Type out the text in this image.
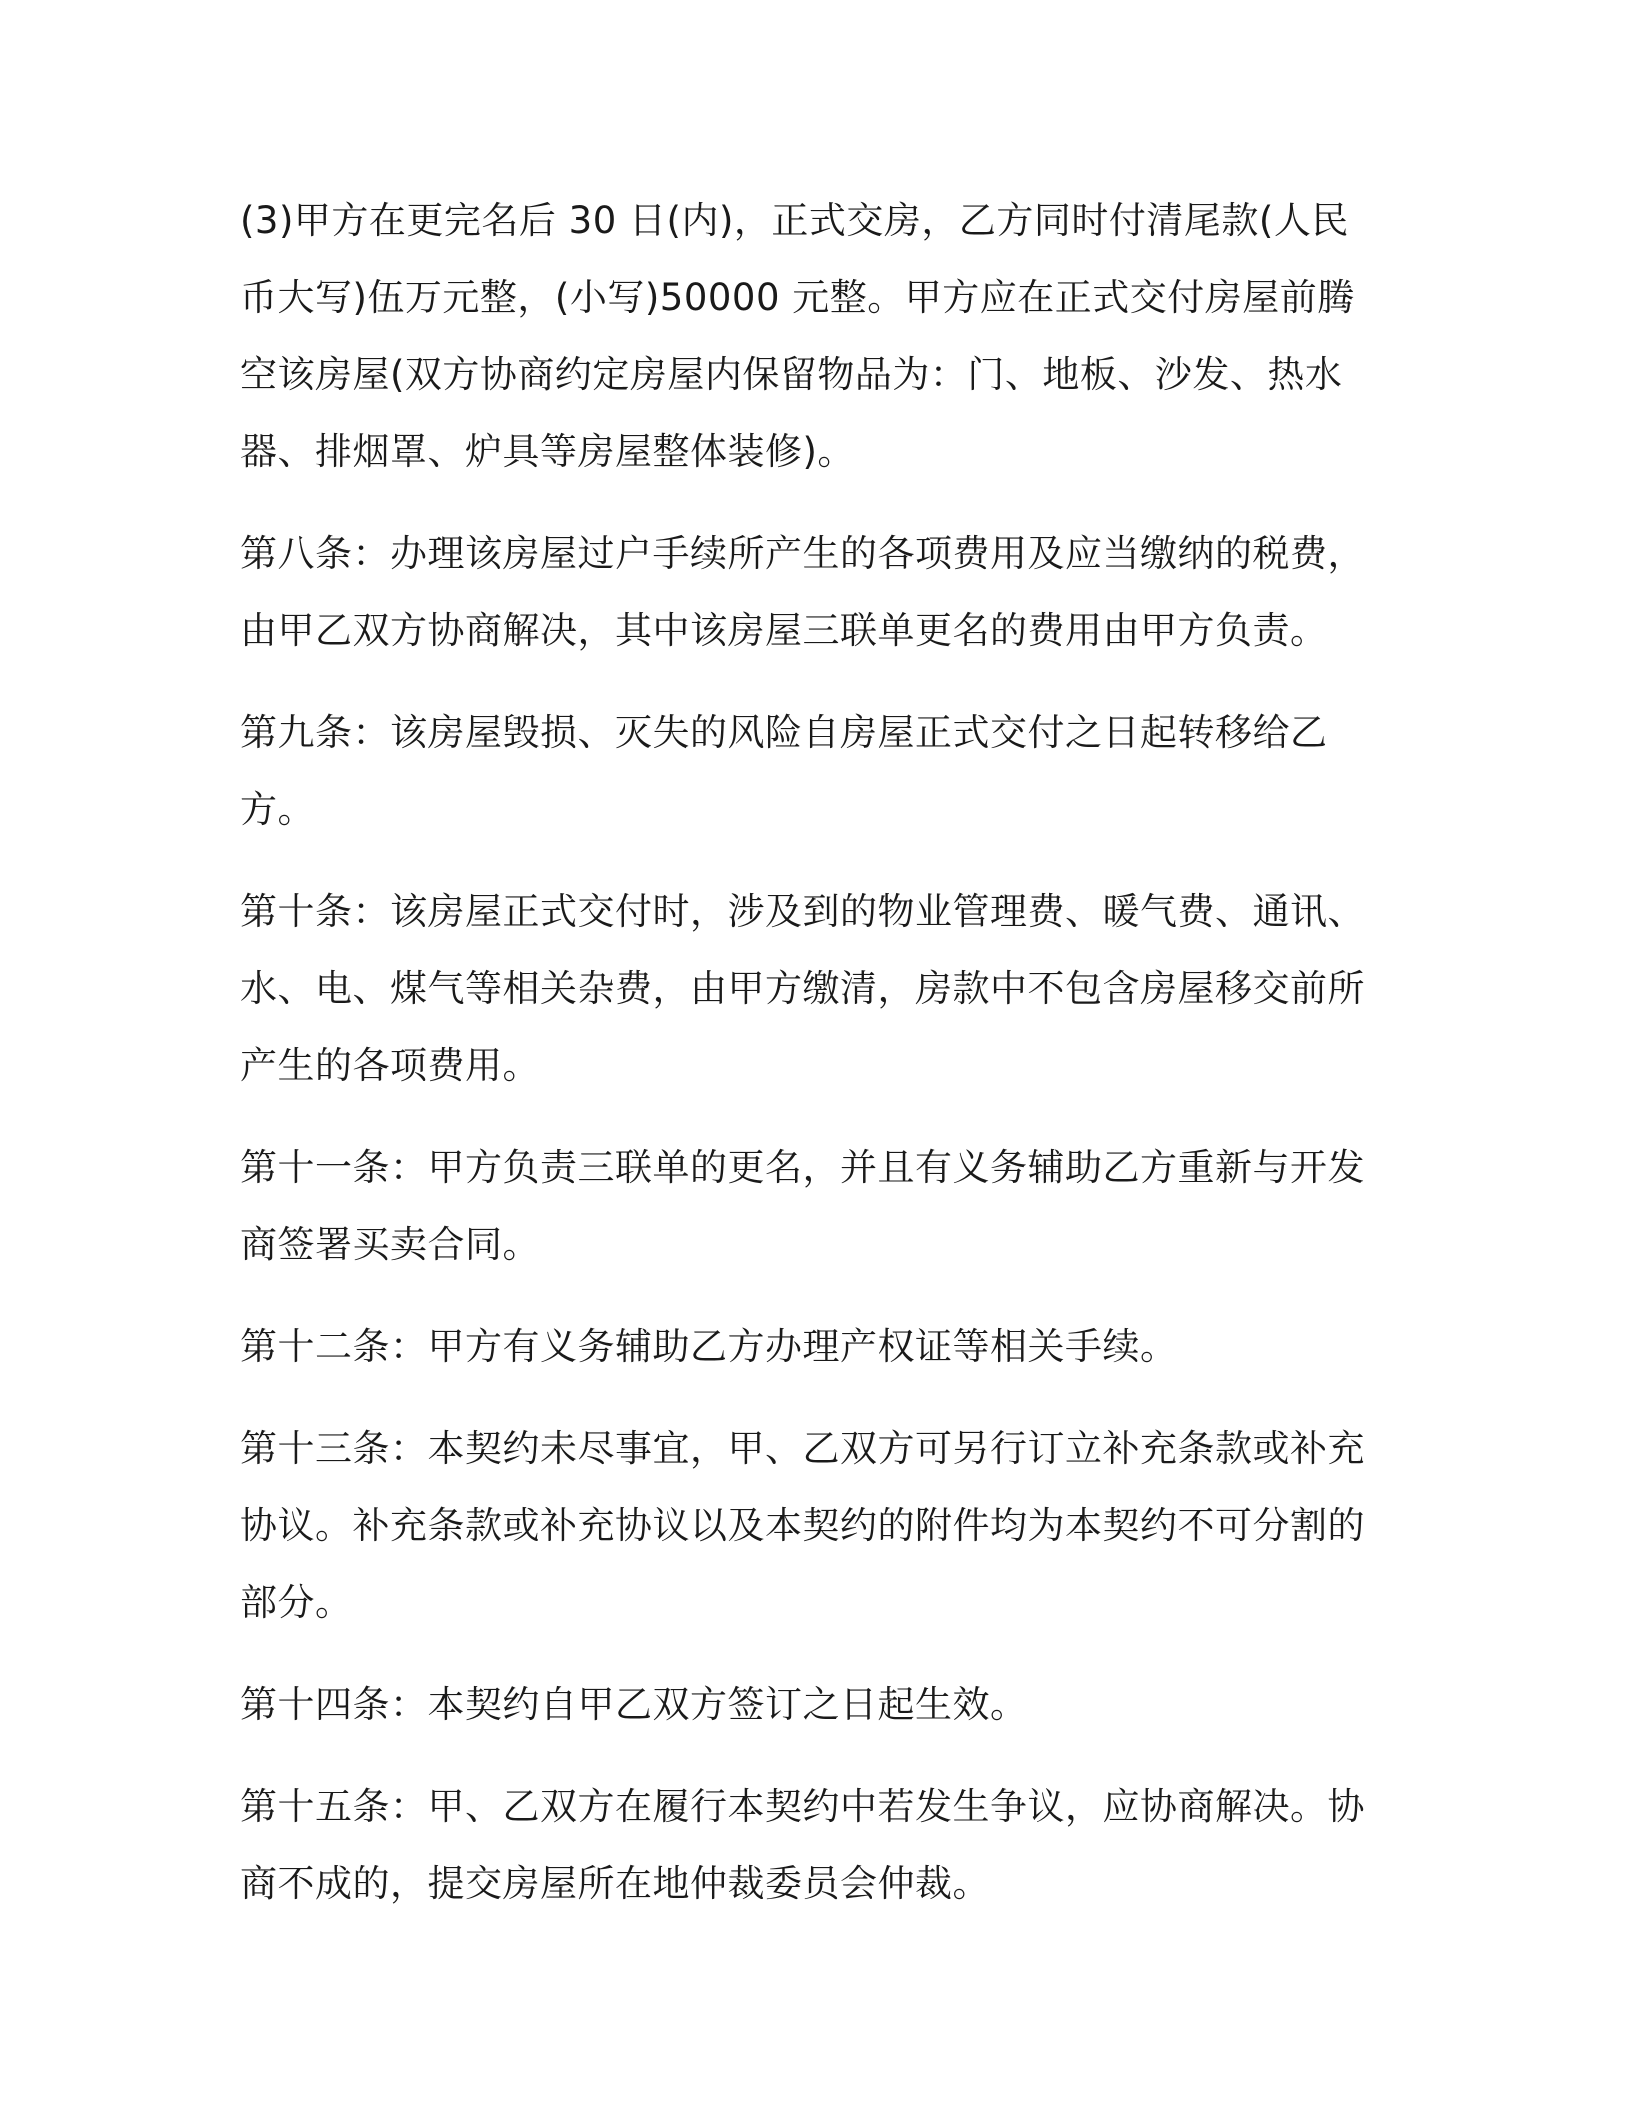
(3)甲方在更完名后 30 日(内)，正式交房，乙方同时付清尾款(人民币大写)伍万元整，(小写)50000 元整。甲方应在正式交付房屋前腾空该房屋(双方协商约定房屋内保留物品为：门、地板、沙发、热水器、排烟罩、炉具等房屋整体装修)。

第八条：办理该房屋过户手续所产生的各项费用及应当缴纳的税费，由甲乙双方协商解决，其中该房屋三联单更名的费用由甲方负责。

第九条：该房屋毁损、灭失的风险自房屋正式交付之日起转移给乙方。

第十条：该房屋正式交付时，涉及到的物业管理费、暖气费、通讯、水、电、煤气等相关杂费，由甲方缴清，房款中不包含房屋移交前所产生的各项费用。

第十一条：甲方负责三联单的更名，并且有义务辅助乙方重新与开发商签署买卖合同。

第十二条：甲方有义务辅助乙方办理产权证等相关手续。

第十三条：本契约未尽事宜，甲、乙双方可另行订立补充条款或补充协议。补充条款或补充协议以及本契约的附件均为本契约不可分割的部分。

第十四条：本契约自甲乙双方签订之日起生效。

第十五条：甲、乙双方在履行本契约中若发生争议，应协商解决。协商不成的，提交房屋所在地仲裁委员会仲裁。
